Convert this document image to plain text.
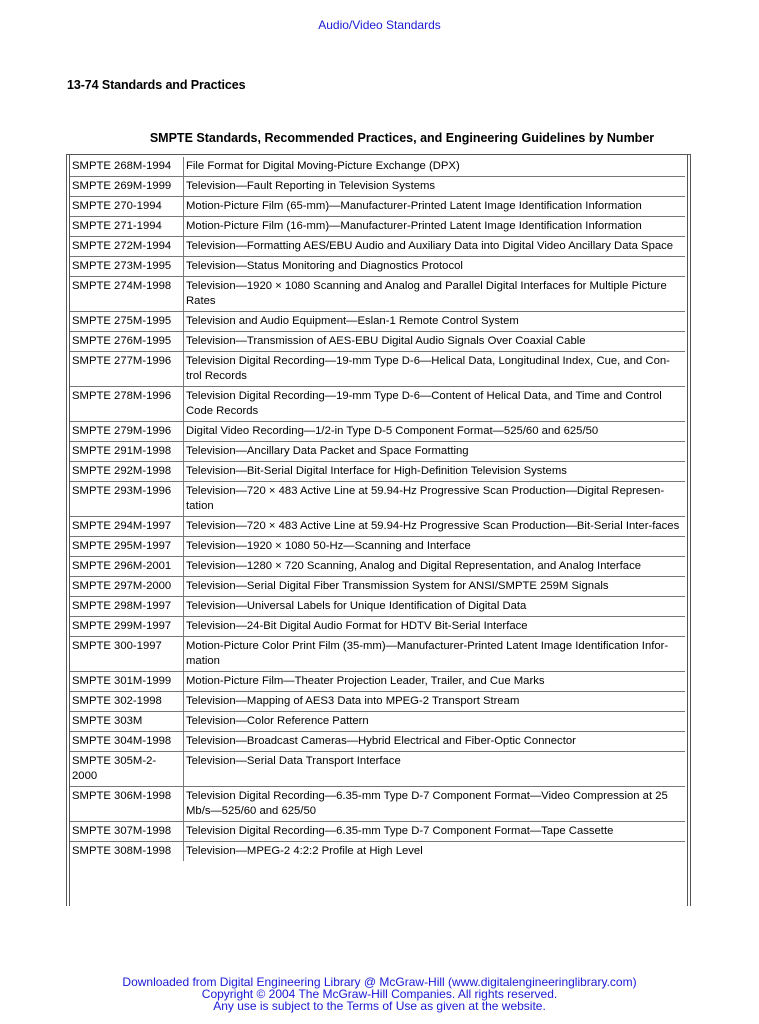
Audio/Video Standards
13-74 Standards and Practices
SMPTE Standards, Recommended Practices, and Engineering Guidelines by Number
SMPTE 268M-1994	File Format for Digital Moving-Picture Exchange (DPX)
SMPTE 269M-1999	Television—Fault Reporting in Television Systems
SMPTE 270-1994	Motion-Picture Film (65-mm)—Manufacturer-Printed Latent Image Identification Information
SMPTE 271-1994	Motion-Picture Film (16-mm)—Manufacturer-Printed Latent Image Identification Information
SMPTE 272M-1994	Television—Formatting AES/EBU Audio and Auxiliary Data into Digital Video Ancillary Data Space
SMPTE 273M-1995	Television—Status Monitoring and Diagnostics Protocol
SMPTE 274M-1998	Television—1920 × 1080 Scanning and Analog and Parallel Digital Interfaces for Multiple Picture Rates
SMPTE 275M-1995	Television and Audio Equipment—Eslan-1 Remote Control System
SMPTE 276M-1995	Television—Transmission of AES-EBU Digital Audio Signals Over Coaxial Cable
SMPTE 277M-1996	Television Digital Recording—19-mm Type D-6—Helical Data, Longitudinal Index, Cue, and Con-trol Records
SMPTE 278M-1996	Television Digital Recording—19-mm Type D-6—Content of Helical Data, and Time and Control Code Records
SMPTE 279M-1996	Digital Video Recording—1/2-in Type D-5 Component Format—525/60 and 625/50
SMPTE 291M-1998	Television—Ancillary Data Packet and Space Formatting
SMPTE 292M-1998	Television—Bit-Serial Digital Interface for High-Definition Television Systems
SMPTE 293M-1996	Television—720 × 483 Active Line at 59.94-Hz Progressive Scan Production—Digital Represen-tation
SMPTE 294M-1997	Television—720 × 483 Active Line at 59.94-Hz Progressive Scan Production—Bit-Serial Inter-faces
SMPTE 295M-1997	Television—1920 × 1080 50-Hz—Scanning and Interface
SMPTE 296M-2001	Television—1280 × 720 Scanning, Analog and Digital Representation, and Analog Interface
SMPTE 297M-2000	Television—Serial Digital Fiber Transmission System for ANSI/SMPTE 259M Signals
SMPTE 298M-1997	Television—Universal Labels for Unique Identification of Digital Data
SMPTE 299M-1997	Television—24-Bit Digital Audio Format for HDTV Bit-Serial Interface
SMPTE 300-1997	Motion-Picture Color Print Film (35-mm)—Manufacturer-Printed Latent Image Identification Infor-mation
SMPTE 301M-1999	Motion-Picture Film—Theater Projection Leader, Trailer, and Cue Marks
SMPTE 302-1998	Television—Mapping of AES3 Data into MPEG-2 Transport Stream
SMPTE 303M	Television—Color Reference Pattern
SMPTE 304M-1998	Television—Broadcast Cameras—Hybrid Electrical and Fiber-Optic Connector
SMPTE 305M-2-2000	Television—Serial Data Transport Interface
SMPTE 306M-1998	Television Digital Recording—6.35-mm Type D-7 Component Format—Video Compression at 25 Mb/s—525/60 and 625/50
SMPTE 307M-1998	Television Digital Recording—6.35-mm Type D-7 Component Format—Tape Cassette
SMPTE 308M-1998	Television—MPEG-2 4:2:2 Profile at High Level
Downloaded from Digital Engineering Library @ McGraw-Hill (www.digitalengineeringlibrary.com)
Copyright © 2004 The McGraw-Hill Companies. All rights reserved.
Any use is subject to the Terms of Use as given at the website.
